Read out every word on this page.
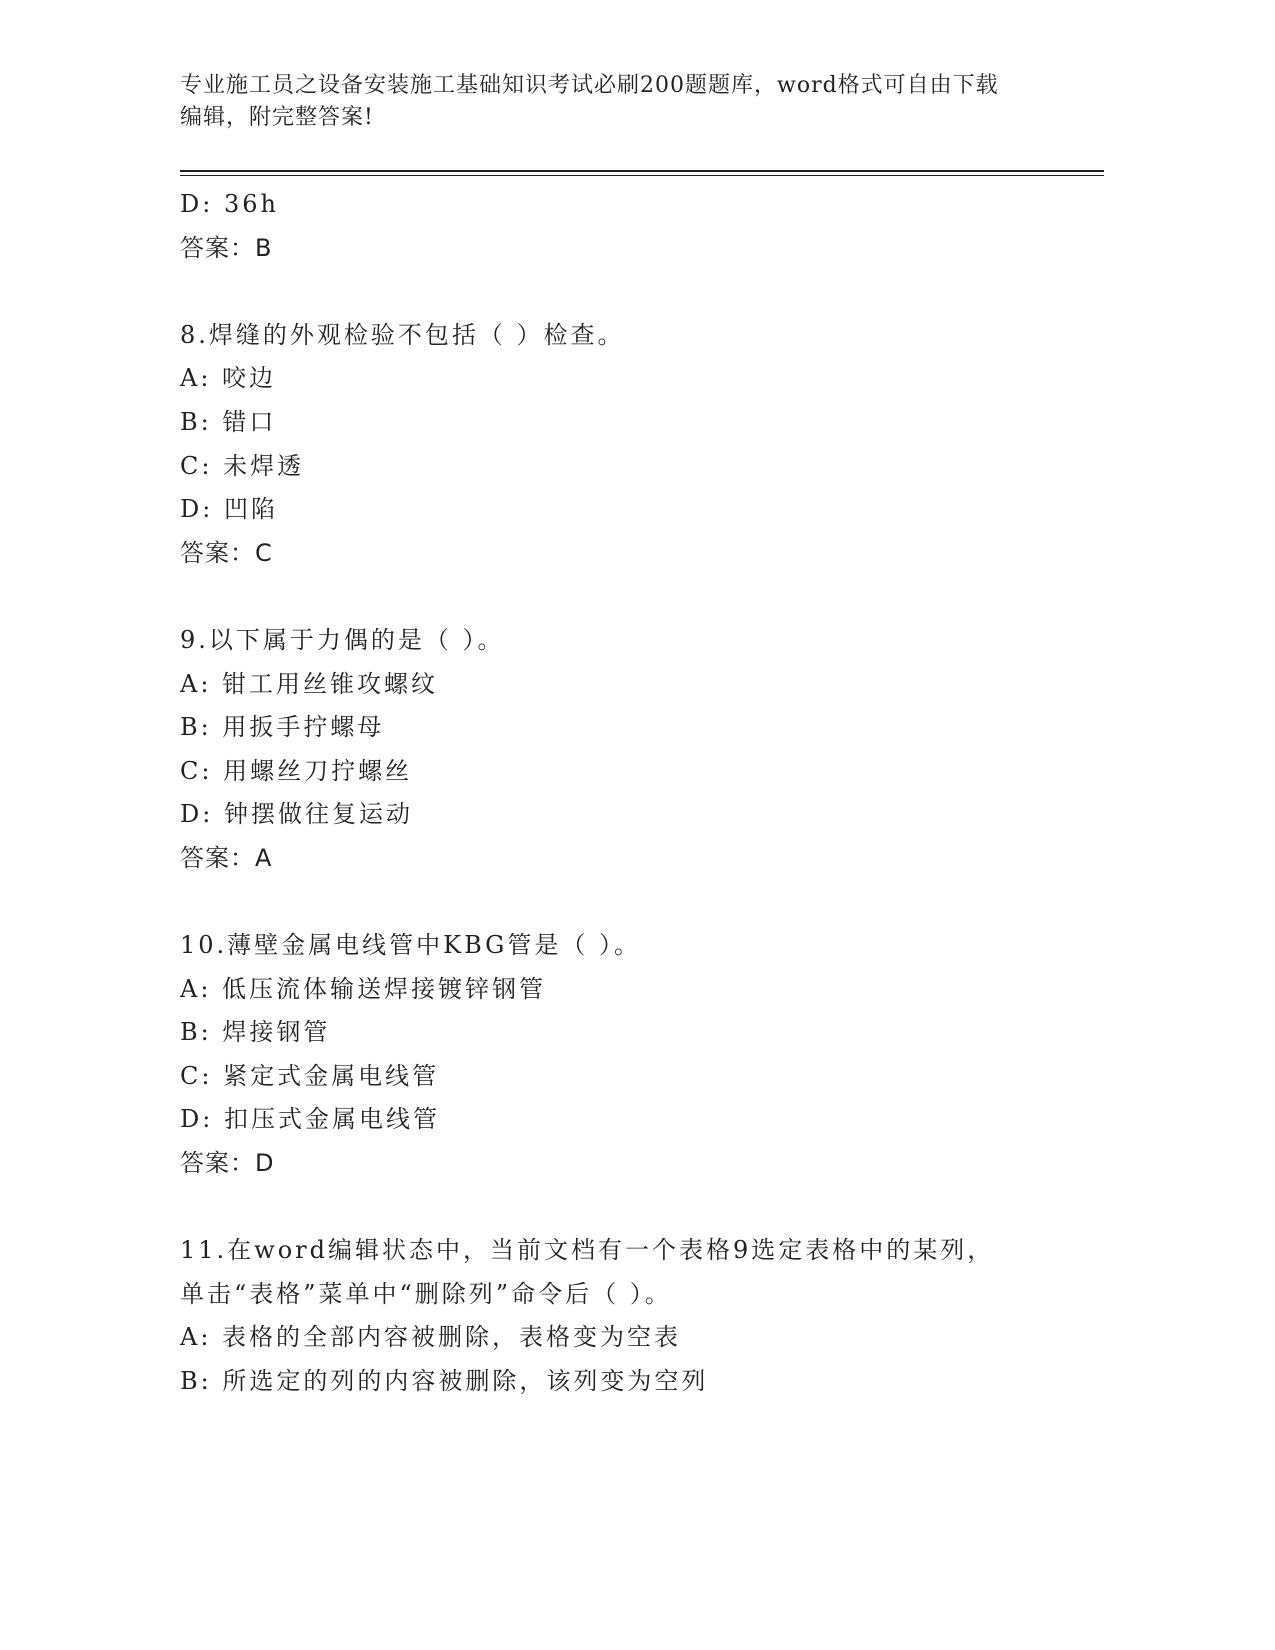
专业施工员之设备安装施工基础知识考试必刷200题题库，word格式可自由下载
编辑，附完整答案!
D: 36h
答案：B
8.焊缝的外观检验不包括（ ）检查。
A: 咬边
B: 错口
C: 未焊透
D: 凹陷
答案：C
9.以下属于力偶的是（ ）。
A: 钳工用丝锥攻螺纹
B: 用扳手拧螺母
C: 用螺丝刀拧螺丝
D: 钟摆做往复运动
答案：A
10.薄壁金属电线管中KBG管是（ ）。
A: 低压流体输送焊接镀锌钢管
B: 焊接钢管
C: 紧定式金属电线管
D: 扣压式金属电线管
答案：D
11.在word编辑状态中，当前文档有一个表格9选定表格中的某列，
单击“表格”菜单中“删除列”命令后（ ）。
A: 表格的全部内容被删除，表格变为空表
B: 所选定的列的内容被删除，该列变为空列
